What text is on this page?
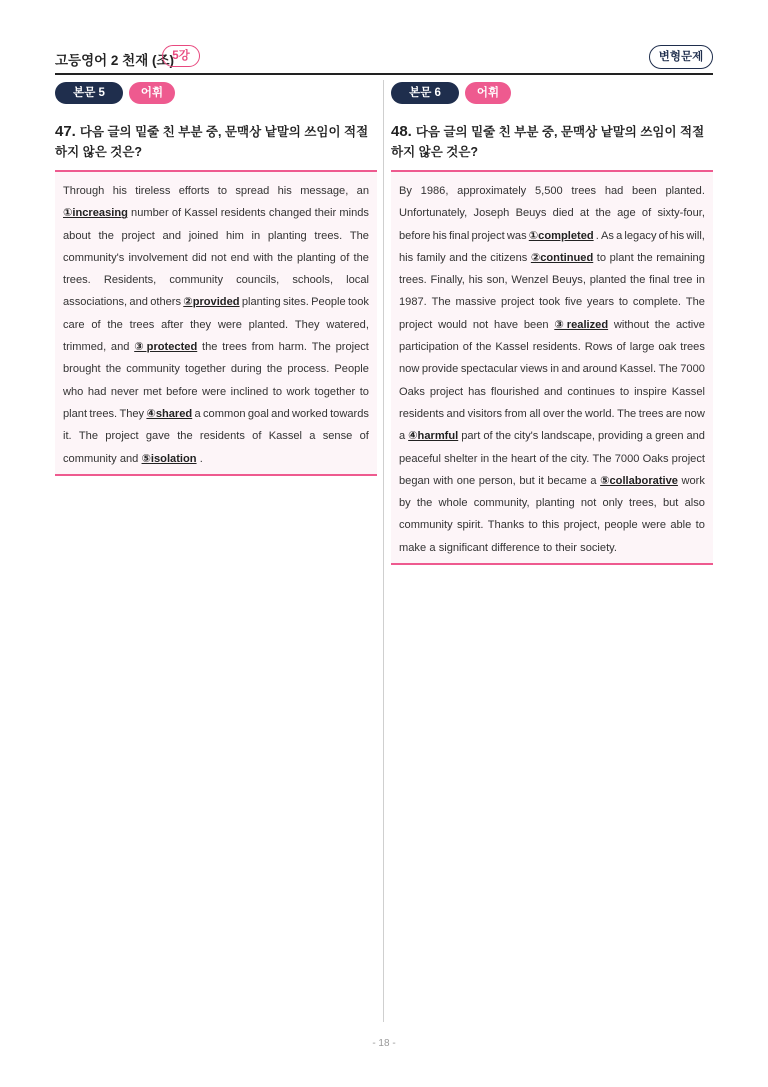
고등영어 2 천재 (조)
5강	변형문제
본문 5	어휘
47. 다음 글의 밑줄 친 부분 중, 문맥상 낱말의 쓰임이 적절하지 않은 것은?
Through his tireless efforts to spread his message, an
①increasing number of Kassel residents changed their minds
about the project and joined him in planting trees. The
community's involvement did not end with the planting of the
trees. Residents, community councils, schools, local
associations, and others ②provided planting sites. People took
care of the trees after they were planted. They watered,
trimmed, and ③ protected the trees from harm. The project
brought the community together during the process. People
who had never met before were inclined to work together to
plant trees. They ④shared a common goal and worked towards
it. The project gave the residents of Kassel a sense of
community and ⑤isolation .
본문 6	어휘
48. 다음 글의 밑줄 친 부분 중, 문맥상 낱말의 쓰임이 적절하지 않은 것은?
By 1986, approximately 5,500 trees had been planted.
Unfortunately, Joseph Beuys died at the age of sixty-four,
before his final project was ①completed . As a legacy of his will,
his family and the citizens ②continued to plant the remaining
trees. Finally, his son, Wenzel Beuys, planted the final tree in
1987. The massive project took five years to complete. The
project would not have been ③ realized without the active
participation of the Kassel residents. Rows of large oak trees
now provide spectacular views in and around Kassel. The 7000
Oaks project has flourished and continues to inspire Kassel
residents and visitors from all over the world. The trees are now
a ④harmful part of the city's landscape, providing a green and
peaceful shelter in the heart of the city. The 7000 Oaks project
began with one person, but it became a ⑤collaborative work
by the whole community, planting not only trees, but also
community spirit. Thanks to this project, people were able to
make a significant difference to their society.
- 18 -
